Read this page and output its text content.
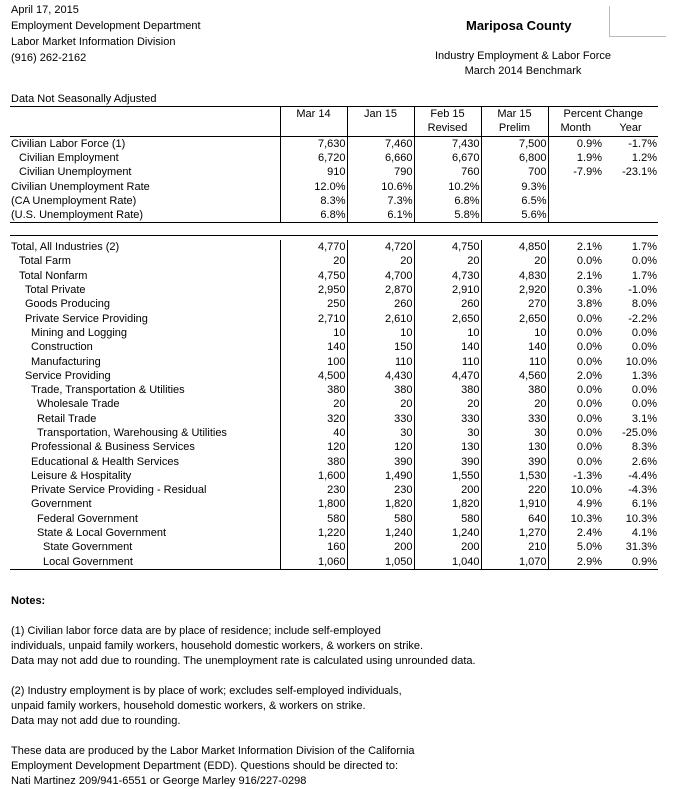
April 17, 2015
Employment Development Department
Labor Market Information Division
(916) 262-2162
Mariposa County
Industry Employment & Labor Force
March 2014 Benchmark
Data Not Seasonally Adjusted
	Mar 14	Jan 15	Feb 15	Mar 15	Percent Change	
			Revised	Prelim	Month	Year
Civilian Labor Force (1)	7,630	7,460	7,430	7,500	0.9%	-1.7%
Civilian Employment	6,720	6,660	6,670	6,800	1.9%	1.2%
Civilian Unemployment	910	790	760	700	-7.9%	-23.1%
Civilian Unemployment Rate	12.0%	10.6%	10.2%	9.3%		
(CA Unemployment Rate)	8.3%	7.3%	6.8%	6.5%		
(U.S. Unemployment Rate)	6.8%	6.1%	5.8%	5.6%		

Total, All Industries (2)	4,770	4,720	4,750	4,850	2.1%	1.7%
Total Farm	20	20	20	20	0.0%	0.0%
Total Nonfarm	4,750	4,700	4,730	4,830	2.1%	1.7%
Total Private	2,950	2,870	2,910	2,920	0.3%	-1.0%
Goods Producing	250	260	260	270	3.8%	8.0%
Private Service Providing	2,710	2,610	2,650	2,650	0.0%	-2.2%
Mining and Logging	10	10	10	10	0.0%	0.0%
Construction	140	150	140	140	0.0%	0.0%
Manufacturing	100	110	110	110	0.0%	10.0%
Service Providing	4,500	4,430	4,470	4,560	2.0%	1.3%
Trade, Transportation & Utilities	380	380	380	380	0.0%	0.0%
Wholesale Trade	20	20	20	20	0.0%	0.0%
Retail Trade	320	330	330	330	0.0%	3.1%
Transportation, Warehousing & Utilities	40	30	30	30	0.0%	-25.0%
Professional & Business Services	120	120	130	130	0.0%	8.3%
Educational & Health Services	380	390	390	390	0.0%	2.6%
Leisure & Hospitality	1,600	1,490	1,550	1,530	-1.3%	-4.4%
Private Service Providing - Residual	230	230	200	220	10.0%	-4.3%
Government	1,800	1,820	1,820	1,910	4.9%	6.1%
Federal Government	580	580	580	640	10.3%	10.3%
State & Local Government	1,220	1,240	1,240	1,270	2.4%	4.1%
State Government	160	200	200	210	5.0%	31.3%
Local Government	1,060	1,050	1,040	1,070	2.9%	0.9%

Notes:

(1) Civilian labor force data are by place of residence; include self-employed

individuals, unpaid family workers, household domestic workers, & workers on strike.

Data may not add due to rounding. The unemployment rate is calculated using unrounded data.

(2) Industry employment is by place of work; excludes self-employed individuals,

unpaid family workers, household domestic workers, & workers on strike.

Data may not add due to rounding.

These data are produced by the Labor Market Information Division of the California

Employment Development Department (EDD). Questions should be directed to:

Nati Martinez 209/941-6551 or George Marley 916/227-0298
